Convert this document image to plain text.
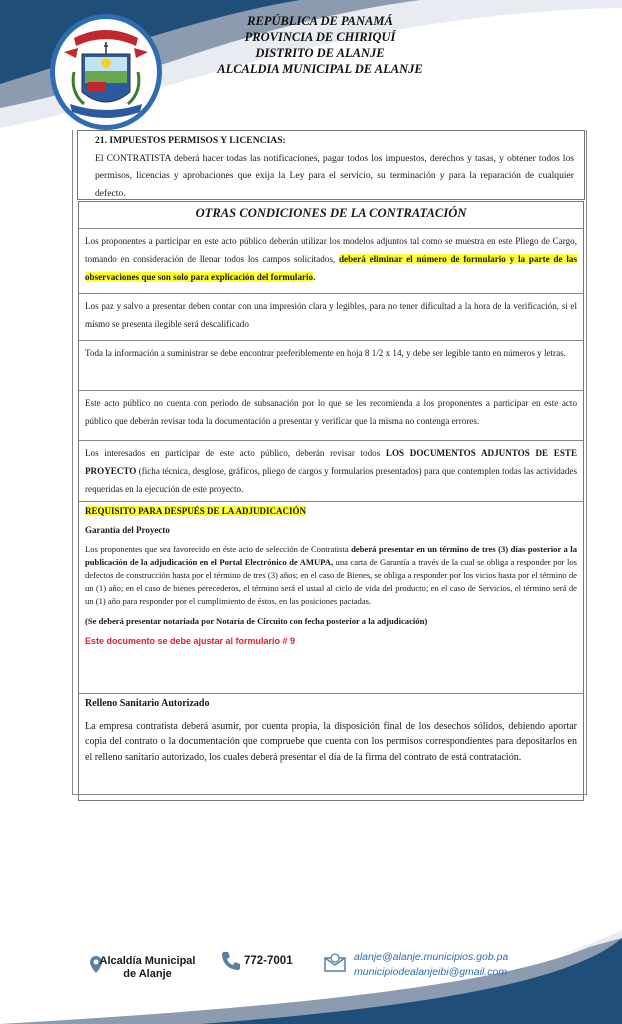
REPÚBLICA DE PANAMÁ
PROVINCIA DE CHIRIQUÍ
DISTRITO DE ALANJE
ALCALDIA MUNICIPAL DE ALANJE
21. IMPUESTOS PERMISOS Y LICENCIAS:
El CONTRATISTA deberá hacer todas las notificaciones, pagar todos los impuestos, derechos y tasas, y obtener todos los permisos, licencias y aprobaciones que exija la Ley para el servicio, su terminación y para la reparación de cualquier defecto.
OTRAS CONDICIONES DE LA CONTRATACIÓN
Los proponentes a participar en este acto público deberán utilizar los modelos adjuntos tal como se muestra en este Pliego de Cargo, tomando en consideración de llenar todos los campos solicitados, deberá eliminar el número de formulario y la parte de las observaciones que son solo para explicación del formulario.
Los paz y salvo a presentar deben contar con una impresión clara y legibles, para no tener dificultad a la hora de la verificación, si el mismo se presenta ilegible será descalificado
Toda la información a suministrar se debe encontrar preferiblemente en hoja 8 1/2 x 14, y debe ser legible tanto en números y letras.
Este acto público no cuenta con periodo de subsanación por lo que se les recomienda a los proponentes a participar en este acto público que deberán revisar toda la documentación a presentar y verificar que la misma no contenga errores.
Los interesados en participar de este acto público, deberán revisar todos LOS DOCUMENTOS ADJUNTOS DE ESTE PROYECTO (ficha técnica, desglose, gráficos, pliego de cargos y formularios presentados) para que contemplen todas las actividades requeridas en la ejecución de este proyecto.
REQUISITO PARA DESPUÉS DE LA ADJUDICACIÓN
Garantía del Proyecto
Los proponentes que sea favorecido en éste acto de selección de Contratista deberá presentar en un término de tres (3) días posterior a la publicación de la adjudicación en el Portal Electrónico de AMUPA, una carta de Garantía a través de la cual se obliga a responder por los defectos de construcción hasta por el término de tres (3) años; en el caso de Bienes, se obliga a responder por los vicios hasta por el término de un (1) año; en el caso de bienes perecederos, el término será el usual al ciclo de vida del producto; en el caso de Servicios, el término será de un (1) año para responder por el cumplimiento de éstos, en las posiciones pactadas.
(Se deberá presentar notariada por Notaría de Circuito con fecha posterior a la adjudicación)
Este documento se debe ajustar al formulario # 9
Relleno Sanitario Autorizado
La empresa contratista deberá asumir, por cuenta propia, la disposición final de los desechos sólidos, debiendo aportar copia del contrato o la documentación que compruebe que cuenta con los permisos correspondientes para depositarlos en el relleno sanitario autorizado, los cuales deberá presentar el día de la firma del contrato de está contratación.
Alcaldía Municipal
de Alanje
772-7001	alanje@alanje.municipios.gob.pa
municipiodealanjeibi@gmail.com
